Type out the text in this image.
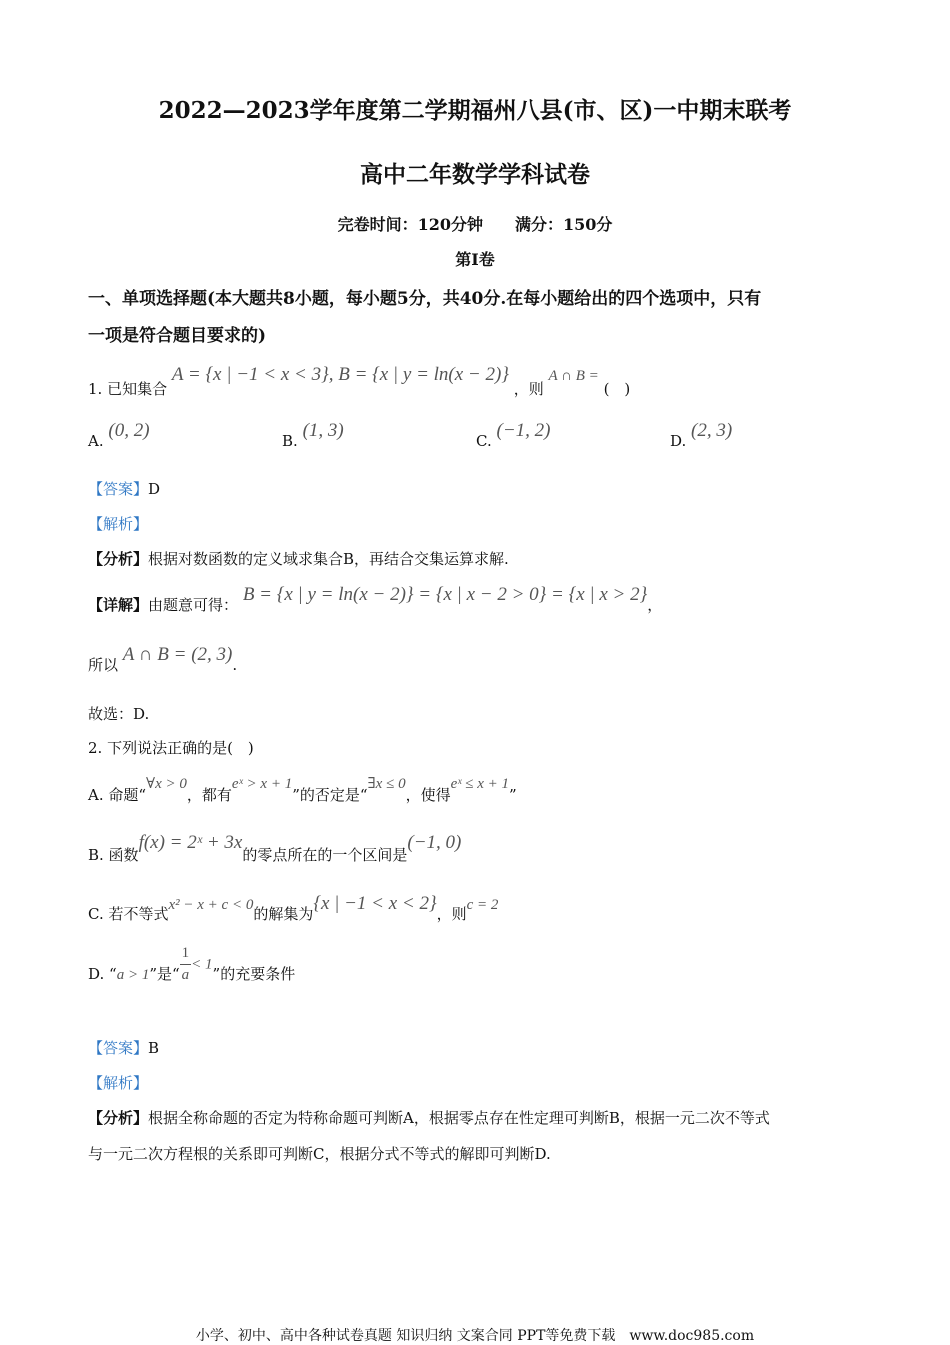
2022—2023学年度第二学期福州八县(市、区)一中期末联考
高中二年数学学科试卷
完卷时间：120分钟　　满分：150分
第Ⅰ卷
一、单项选择题(本大题共8小题，每小题5分，共40分.在每小题给出的四个选项中，只有
一项是符合题目要求的)
1. 已知集合 A = {x | −1 < x < 3}, B = {x | y = ln(x − 2)} ，则 A ∩ B = (　)
A. (0, 2)	B. (1, 3)	C. (−1, 2)	D. (2, 3)
【答案】D
【解析】
【分析】根据对数函数的定义域求集合B，再结合交集运算求解.
【详解】由题意可得： B = {x | y = ln(x − 2)} = {x | x − 2 > 0} = {x | x > 2}，
所以 A ∩ B = (2, 3).
故选：D.
2. 下列说法正确的是(　)
A. 命题“∀x > 0，都有eˣ > x + 1”的否定是“∃x ≤ 0，使得eˣ ≤ x + 1”
B. 函数f(x) = 2ˣ + 3x的零点所在的一个区间是(−1, 0)
C. 若不等式x² − x + c < 0的解集为{x | −1 < x < 2}，则c = 2
D. “a > 1”是“ $\frac{1}{a} < 1$”的充要条件
【答案】B
【解析】
【分析】根据全称命题的否定为特称命题可判断A，根据零点存在性定理可判断B，根据一元二次不等式
与一元二次方程根的关系即可判断C，根据分式不等式的解即可判断D.
小学、初中、高中各种试卷真题 知识归纳 文案合同 PPT等免费下载　www.doc985.com
